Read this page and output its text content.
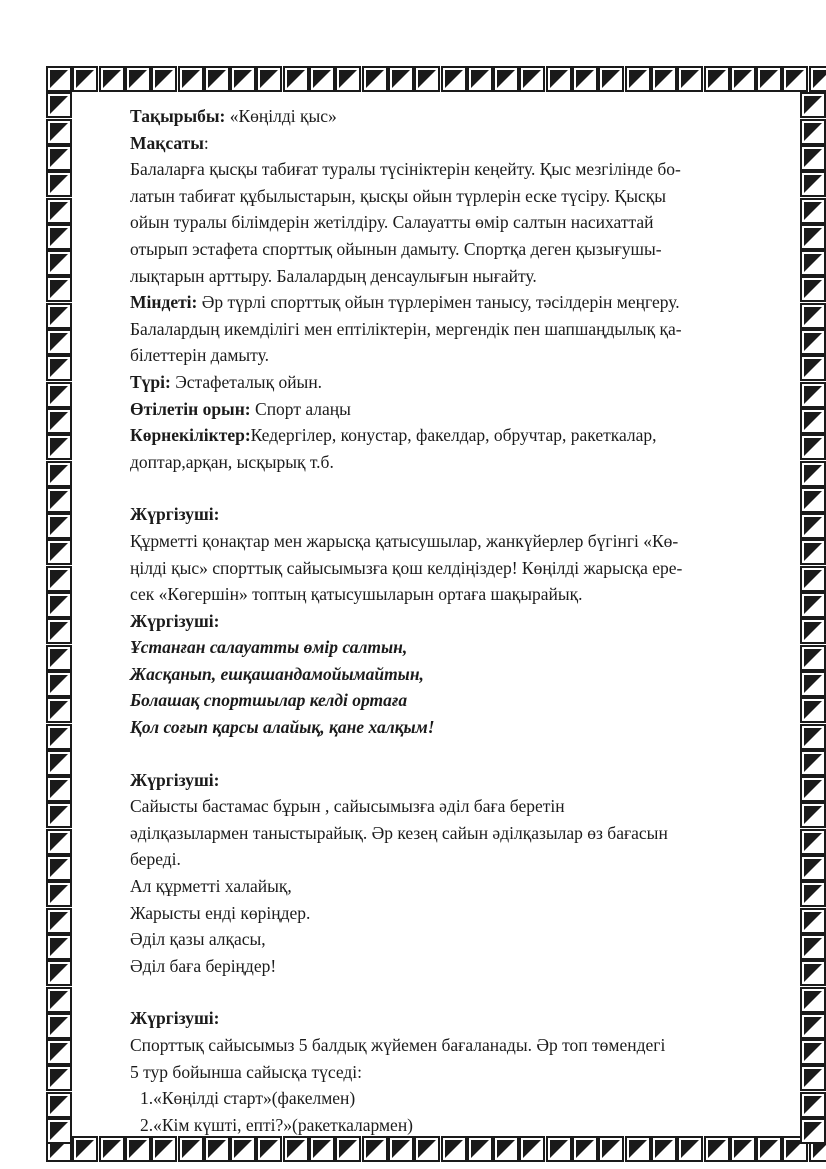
Тақырыбы: «Көңілді қыс»
Мақсаты:
Балаларға қысқы табиғат туралы түсініктерін кеңейту. Қыс мезгілінде бо-
латын табиғат құбылыстарын, қысқы ойын түрлерін еске түсіру. Қысқы
ойын туралы білімдерін жетілдіру. Салауатты өмір салтын насихаттай
отырып эстафета спорттық ойынын дамыту. Спортқа деген қызығушы-
лықтарын арттыру. Балалардың денсаулығын нығайту.
Міндеті: Әр түрлі спорттық ойын түрлерімен танысу, тәсілдерін меңгеру.
Балалардың икемділігі мен ептіліктерін, мергендік пен шапшаңдылық қа-
білеттерін дамыту.
Түрі: Эстафеталық ойын.
Өтілетін орын: Спорт алаңы
Көрнекіліктер:Кедергілер, конустар, факелдар, обручтар, ракеткалар,
доптар,арқан, ысқырық т.б.
Жүргізуші:
Құрметті қонақтар мен жарысқа қатысушылар, жанкүйерлер бүгінгі «Кө-
ңілді қыс» спорттық сайысымызға қош келдіңіздер! Көңілді жарысқа ере-
сек «Көгершін» топтың қатысушыларын ортаға шақырайық.
Жүргізуші:
Ұстанған салауатты өмір салтын,
Жасқанып, ешқашандамойымайтын,
Болашақ спортшылар келді ортаға
Қол соғып қарсы алайық, қане халқым!
Жүргізуші:
Сайысты бастамас бұрын , сайысымызға әділ баға беретін
әділқазылармен таныстырайық. Әр кезең сайын әділқазылар өз бағасын
береді.
Ал құрметті халайық,
Жарысты енді көріңдер.
Әділ қазы алқасы,
Әділ баға беріңдер!
Жүргізуші:
Спорттық сайысымыз 5 балдық жүйемен бағаланады. Әр топ төмендегі
5 тур бойынша сайысқа түседі:
1.«Көңілді старт»(факелмен)
2.«Кім күшті, епті?»(ракеткалармен)
